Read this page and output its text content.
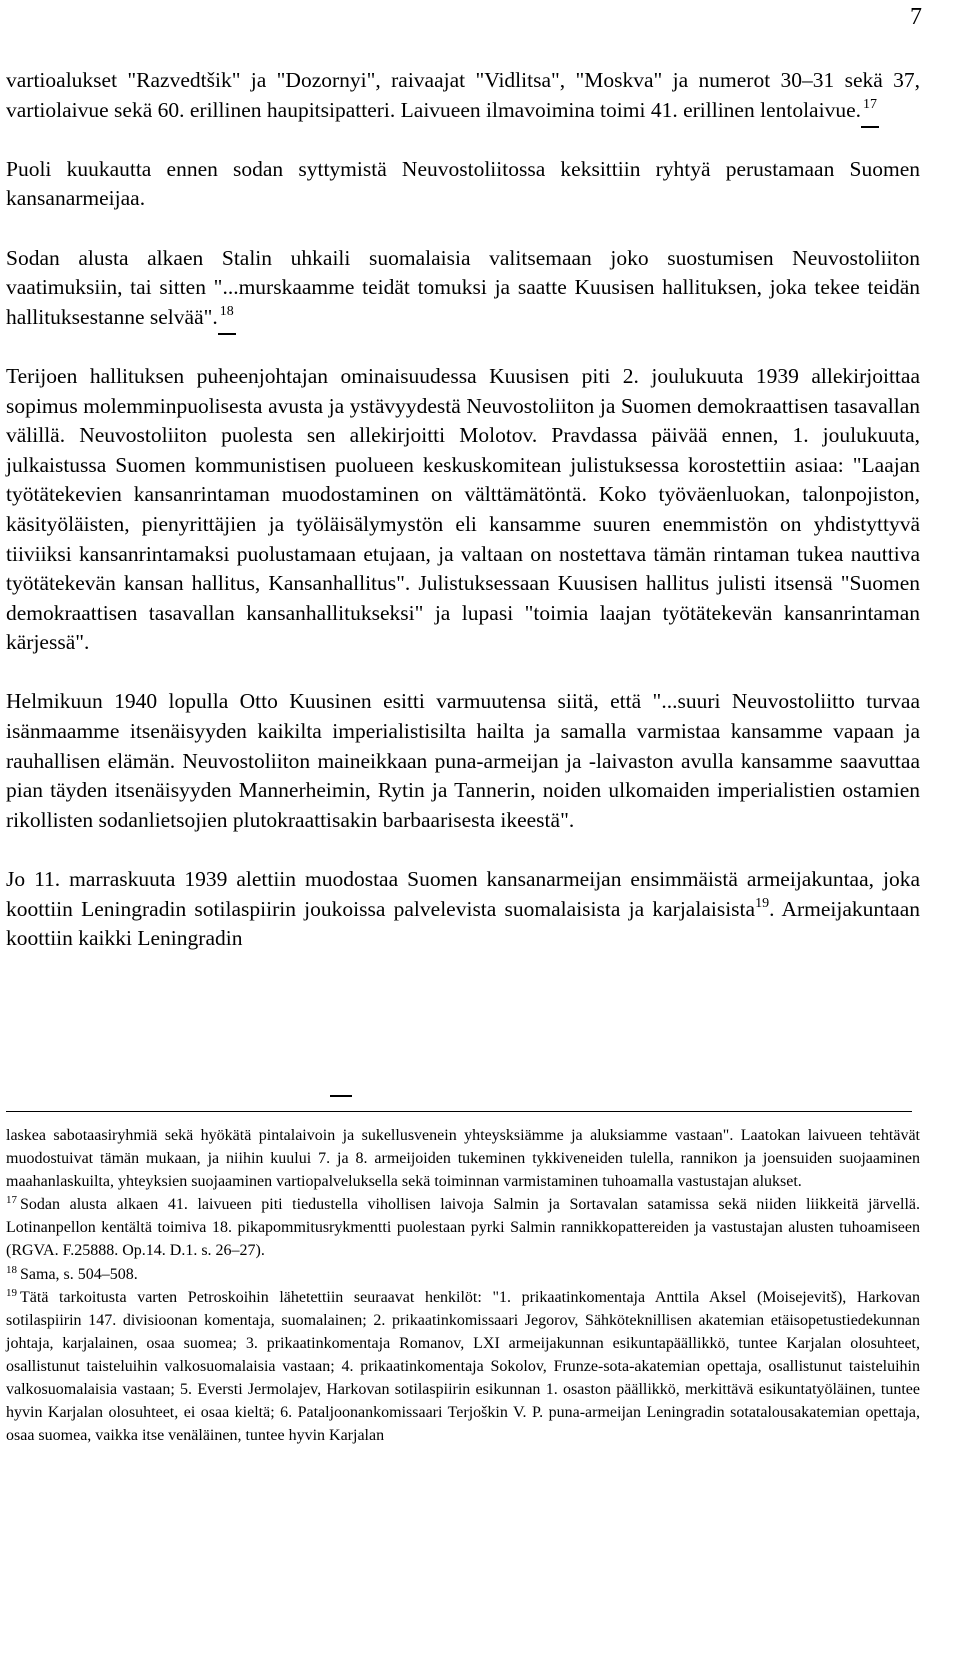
7

vartioalukset "Razvedtšik" ja "Dozornyi", raivaajat "Vidlitsa", "Moskva" ja numerot 30–31 sekä 37, vartiolaivue sekä 60. erillinen haupitsipatteri. Laivueen ilmavoimina toimi 41. erillinen lentolaivue. $^{17}$

Puoli kuukautta ennen sodan syttymistä Neuvostoliitossa keksittiin ryhtyä perustamaan Suomen kansanarmeijaa.

Sodan alusta alkaen Stalin uhkaili suomalaisia valitsemaan joko suostumisen Neuvostoliiton vaatimuksiin, tai sitten "...murskaamme teidät tomuksi ja saatte Kuusisen hallituksen, joka tekee teidän hallituksestanne selvää". $^{18}$

Terijoen hallituksen puheenjohtajan ominaisuudessa Kuusisen piti 2. joulukuuta 1939 allekirjoittaa sopimus molemminpuolisesta avusta ja ystävyydestä Neuvostoliiton ja Suomen demokraattisen tasavallan välillä. Neuvostoliiton puolesta sen allekirjoitti Molotov. Pravdassa päivää ennen, 1. joulukuuta, julkaistussa Suomen kommunistisen puolueen keskuskomitean julistuksessa korostettiin asiaa: "Laajan työtätekevien kansanrintaman muodostaminen on välttämätöntä. Koko työväenluokan, talonpojiston, käsityöläisten, pienyrittäjien ja työläisälymystön eli kansamme suuren enemmistön on yhdistyttyvä tiiviiksi kansanrintamaksi puolustamaan etujaan, ja valtaan on nostettava tämän rintaman tukea nauttiva työtätekevän kansan hallitus, Kansanhallitus". Julistuksessaan Kuusisen hallitus julisti itsensä "Suomen demokraattisen tasavallan kansanhallitukseksi" ja lupasi "toimia laajan työtätekevän kansanrintaman kärjessä".

Helmikuun 1940 lopulla Otto Kuusinen esitti varmuutensa siitä, että "...suuri Neuvostoliitto turvaa isänmaamme itsenäisyyden kaikilta imperialistisilta hailta ja samalla varmistaa kansamme vapaan ja rauhallisen elämän. Neuvostoliiton maineikkaan puna-armeijan ja -laivaston avulla kansamme saavuttaa pian täyden itsenäisyyden Mannerheimin, Rytin ja Tannerin, noiden ulkomaiden imperialistien ostamien rikollisten sodanlietsojien plutokraattisakin barbaarisesta ikeestä".

Jo 11. marraskuuta 1939 alettiin muodostaa Suomen kansanarmeijan ensimmäistä armeijakuntaa, joka koottiin Leningradin sotilaspiirin joukoissa palvelevista suomalaisista ja karjalaisista$^{19}$. Armeijakuntaan koottiin kaikki Leningradin

laskea sabotaasiryhmiä sekä hyökätä pintalaivoin ja sukellusvenein yhteysksiämme ja aluksiamme vastaan". Laatokan laivueen tehtävät muodostuivat tämän mukaan, ja niihin kuului 7. ja 8. armeijoiden tukeminen tykkiveneiden tulella, rannikon ja joensuiden suojaaminen maahanlaskuilta, yhteyksien suojaaminen vartiopalveluksella sekä toiminnan varmistaminen tuhoamalla vastustajan alukset.

$^{17}$ Sodan alusta alkaen 41. laivueen piti tiedustella vihollisen laivoja Salmin ja Sortavalan satamissa sekä niiden liikkeitä järvellä. Lotinanpellon kentältä toimiva 18. pikapommitusrykmentti puolestaan pyrki Salmin rannikkopattereiden ja vastustajan alusten tuhoamiseen (RGVA. F.25888. Op.14. D.1. s. 26–27).

$^{18}$ Sama, s. 504–508.

$^{19}$ Tätä tarkoitusta varten Petroskoihin lähetettiin seuraavat henkilöt: "1. prikaatinkomentaja Anttila Aksel (Moisejevitš), Harkovan sotilaspiirin 147. divisioonan komentaja, suomalainen; 2. prikaatinkomissaari Jegorov, Sähköteknillisen akatemian etäisopetustiedekunnan johtaja, karjalainen, osaa suomea; 3. prikaatinkomentaja Romanov, LXI armeijakunnan esikuntapäällikkö, tuntee Karjalan olosuhteet, osallistunut taisteluihin valkosuomalaisia vastaan; 4. prikaatinkomentaja Sokolov, Frunze-sota-akatemian opettaja, osallistunut taisteluihin valkosuomalaisia vastaan; 5. Eversti Jermolajev, Harkovan sotilaspiirin esikunnan 1. osaston päällikkö, merkittävä esikuntatyöläinen, tuntee hyvin Karjalan olosuhteet, ei osaa kieltä; 6. Pataljoonankomissaari Terjoškin V. P. puna-armeijan Leningradin sotatalousakatemian opettaja, osaa suomea, vaikka itse venäläinen, tuntee hyvin Karjalan
